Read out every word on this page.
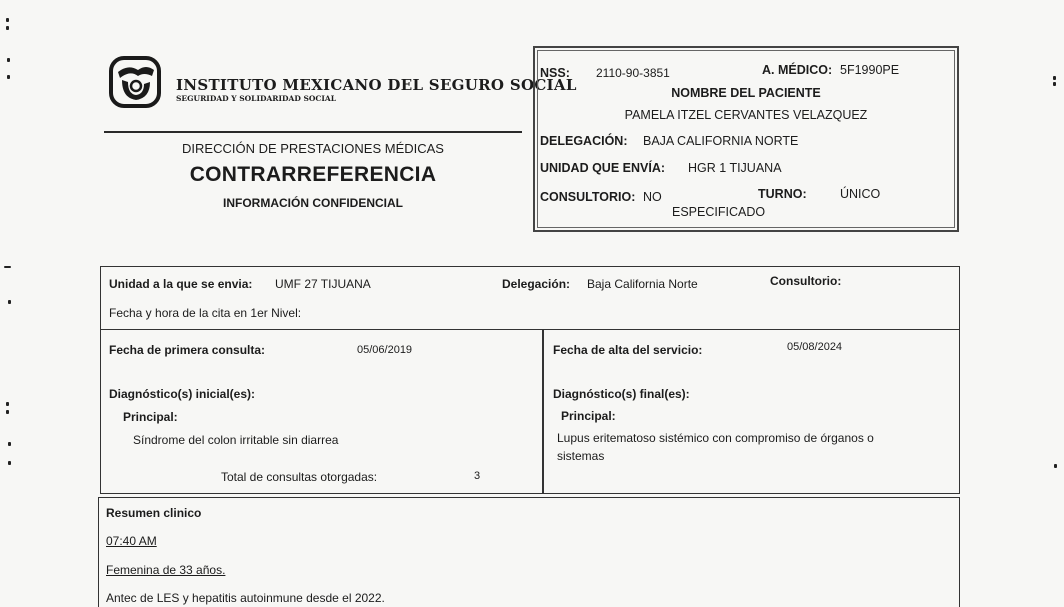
INSTITUTO MEXICANO DEL SEGURO SOCIAL
SEGURIDAD Y SOLIDARIDAD SOCIAL
DIRECCIÓN DE PRESTACIONES MÉDICAS
CONTRARREFERENCIA
INFORMACIÓN CONFIDENCIAL
NSS: 2110-90-3851	A. MÉDICO: 5F1990PE
NOMBRE DEL PACIENTE
PAMELA ITZEL CERVANTES VELAZQUEZ
DELEGACIÓN: BAJA CALIFORNIA NORTE
UNIDAD QUE ENVÍA: HGR 1 TIJUANA
CONSULTORIO: NO
ESPECIFICADO
TURNO:	ÚNICO
Unidad a la que se envia: UMF 27 TIJUANA	Delegación: Baja California Norte	Consultorio:
Fecha y hora de la cita en 1er Nivel:
Fecha de primera consulta:	05/06/2019
Diagnóstico(s) inicial(es):
Principal:
Síndrome del colon irritable sin diarrea
Total de consultas otorgadas:	3
Fecha de alta del servicio:	05/08/2024
Diagnóstico(s) final(es):
Principal:
Lupus eritematoso sistémico con compromiso de órganos o
sistemas
Resumen clinico
07:40 AM
Femenina de 33 años.
Antec de LES y hepatitis autoinmune desde el 2022.
